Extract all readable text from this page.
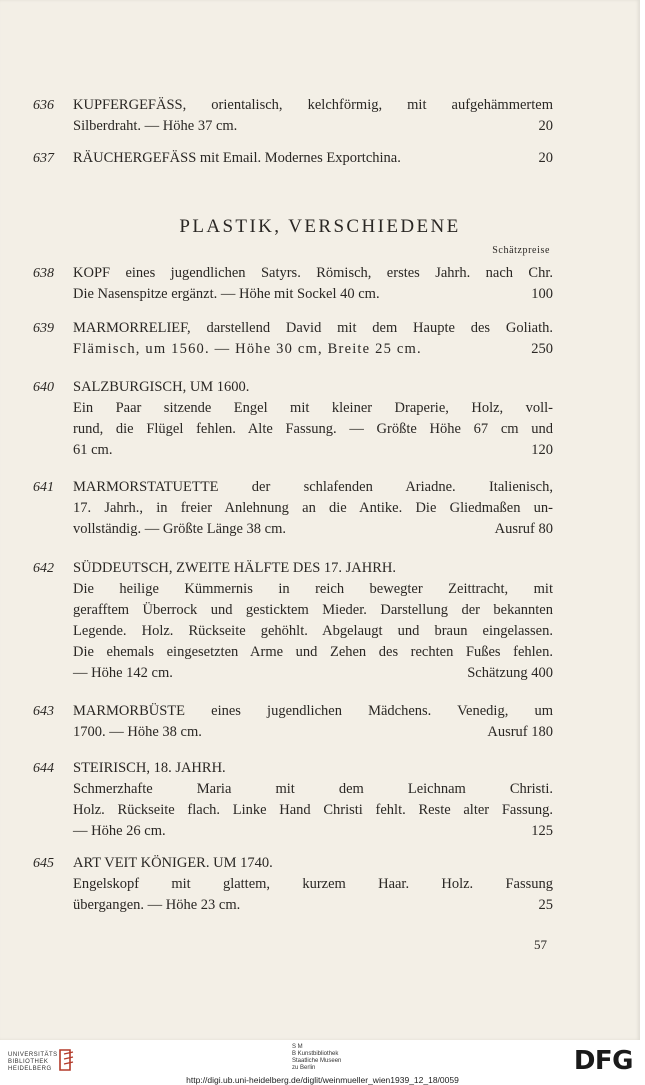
636	KUPFERGEFÄSS, orientalisch, kelchförmig, mit aufgehämmertem
Silberdraht. — Höhe 37 cm.	20
637	RÄUCHERGEFÄSS mit Email. Modernes Exportchina.	20
PLASTIK, VERSCHIEDENE
Schätzpreise
638	KOPF eines jugendlichen Satyrs. Römisch, erstes Jahrh. nach Chr.
Die Nasenspitze ergänzt. — Höhe mit Sockel 40 cm.	100
639	MARMORRELIEF, darstellend David mit dem Haupte des Goliath.
Flämisch, um 1560. — Höhe 30 cm, Breite 25 cm.	250
640	SALZBURGISCH, UM 1600.
Ein Paar sitzende Engel mit kleiner Draperie, Holz, voll-
rund, die Flügel fehlen. Alte Fassung. — Größte Höhe 67 cm und
61 cm.	120
641	MARMORSTATUETTE der schlafenden Ariadne. Italienisch,
17. Jahrh., in freier Anlehnung an die Antike. Die Gliedmaßen un-
vollständig. — Größte Länge 38 cm.	Ausruf 80
642	SÜDDEUTSCH, ZWEITE HÄLFTE DES 17. JAHRH.
Die heilige Kümmernis in reich bewegter Zeittracht, mit
gerafftem Überrock und gesticktem Mieder. Darstellung der bekannten
Legende. Holz. Rückseite gehöhlt. Abgelaugt und braun eingelassen.
Die ehemals eingesetzten Arme und Zehen des rechten Fußes fehlen.
— Höhe 142 cm.	Schätzung 400
643	MARMORBÜSTE eines jugendlichen Mädchens. Venedig, um
1700. — Höhe 38 cm.	Ausruf 180
644	STEIRISCH, 18. JAHRH.
Schmerzhafte Maria mit dem Leichnam Christi.
Holz. Rückseite flach. Linke Hand Christi fehlt. Reste alter Fassung.
— Höhe 26 cm.	125
645	ART VEIT KÖNIGER. UM 1740.
Engelskopf mit glattem, kurzem Haar. Holz. Fassung
übergangen. — Höhe 23 cm.	25
57
UNIVERSITÄTS
BIBLIOTHEK
HEIDELBERG
S M
B Kunstbibliothek
Staatliche Museen
zu Berlin	DFG
http://digi.ub.uni-heidelberg.de/diglit/weinmueller_wien1939_12_18/0059
